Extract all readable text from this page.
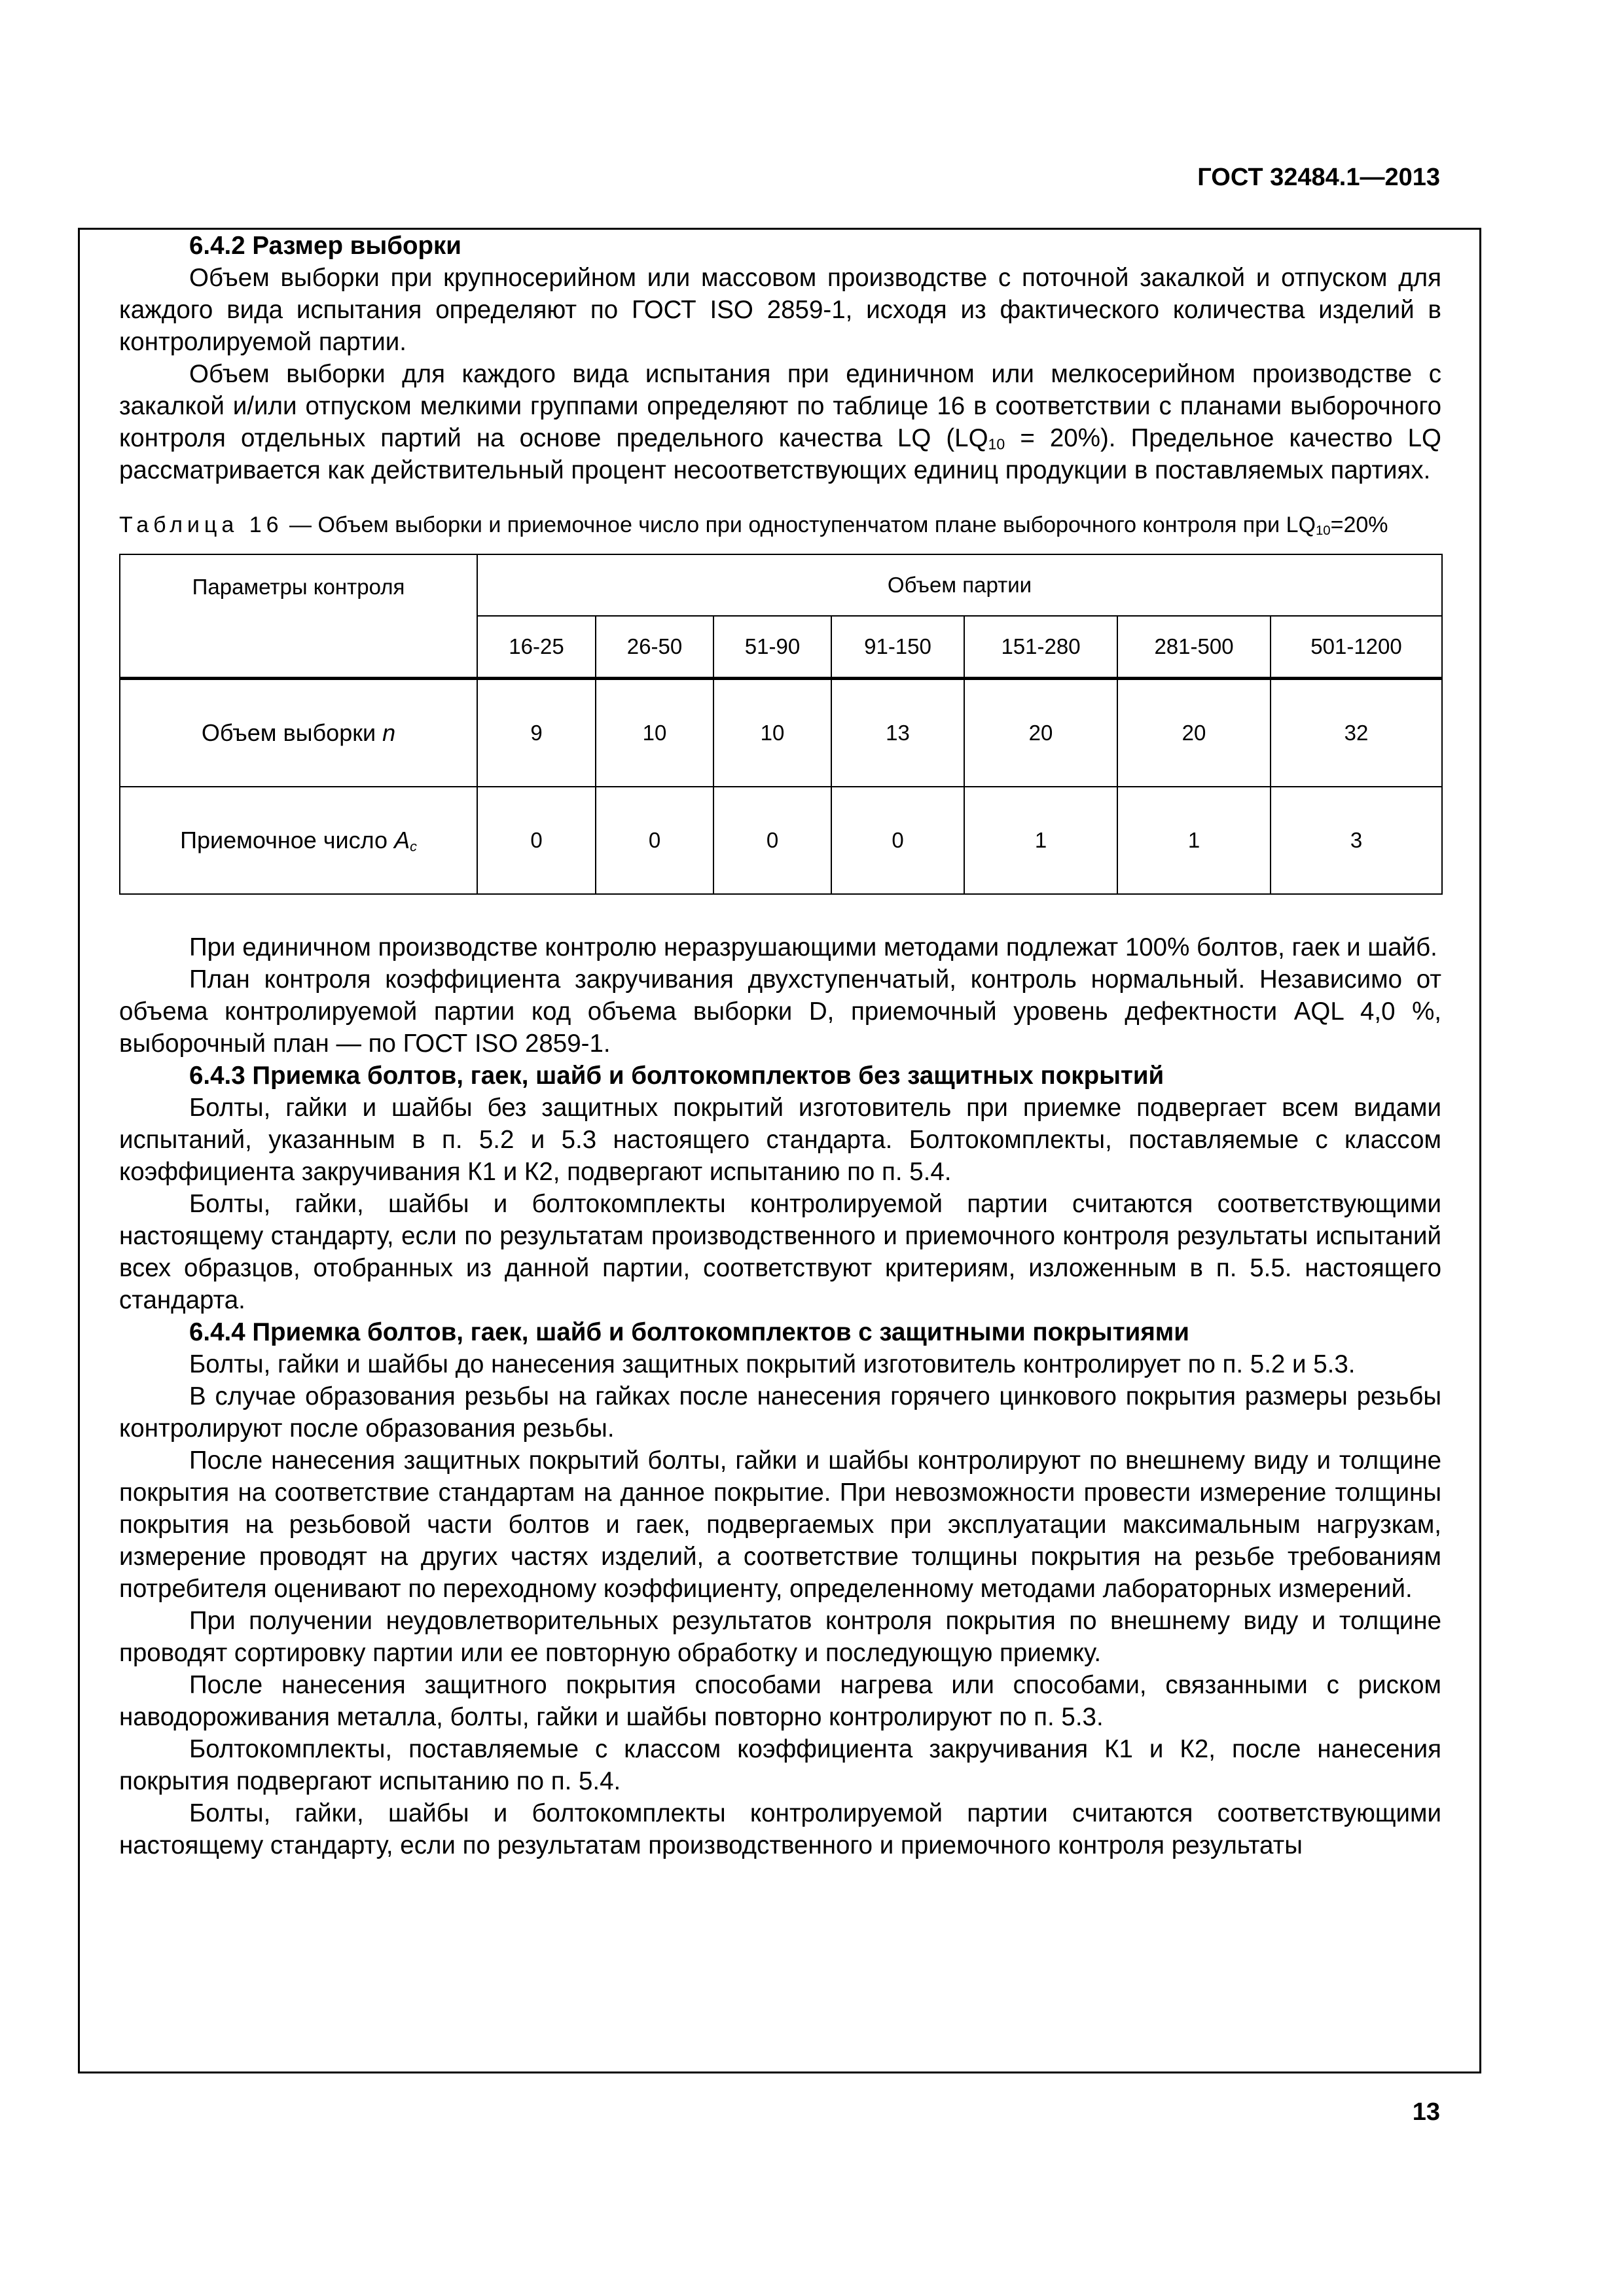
ГОСТ 32484.1—2013

6.4.2 Размер выборки

Объем выборки при крупносерийном или массовом производстве с поточной закалкой и отпуском для каждого вида испытания определяют по ГОСТ ISO 2859-1, исходя из фактического количества изделий в контролируемой партии.

Объем выборки для каждого вида испытания при единичном или мелкосерийном производстве с закалкой и/или отпуском мелкими группами определяют по таблице 16 в соответствии с планами выборочного контроля отдельных партий на основе предельного качества LQ $(LQ_{10} = 20\%)$. Предельное качество LQ рассматривается как действительный процент несоответствующих единиц продукции в поставляемых партиях.

Таблица 16 — Объем выборки и приемочное число при одноступенчатом плане выборочного контроля при $LQ_{10}=20\%$

Параметры контроля	Объем партии						
	16-25	26-50	51-90	91-150	151-280	281-500	501-1200
Объем выборки n	9	10	10	13	20	20	32
Приемочное число $A_c$	0	0	0	0	1	1	3

При единичном производстве контролю неразрушающими методами подлежат 100% болтов, гаек и шайб.

План контроля коэффициента закручивания двухступенчатый, контроль нормальный. Независимо от объема контролируемой партии код объема выборки D, приемочный уровень дефектности AQL 4,0 %, выборочный план — по ГОСТ ISO 2859-1.

6.4.3 Приемка болтов, гаек, шайб и болтокомплектов без защитных покрытий

Болты, гайки и шайбы без защитных покрытий изготовитель при приемке подвергает всем видами испытаний, указанным в п. 5.2 и 5.3 настоящего стандарта. Болтокомплекты, поставляемые с классом коэффициента закручивания К1 и К2, подвергают испытанию по п. 5.4.

Болты, гайки, шайбы и болтокомплекты контролируемой партии считаются соответствующими настоящему стандарту, если по результатам производственного и приемочного контроля результаты испытаний всех образцов, отобранных из данной партии, соответствуют критериям, изложенным в п. 5.5. настоящего стандарта.

6.4.4 Приемка болтов, гаек, шайб и болтокомплектов с защитными покрытиями

Болты, гайки и шайбы до нанесения защитных покрытий изготовитель контролирует по п. 5.2 и 5.3.

В случае образования резьбы на гайках после нанесения горячего цинкового покрытия размеры резьбы контролируют после образования резьбы.

После нанесения защитных покрытий болты, гайки и шайбы контролируют по внешнему виду и толщине покрытия на соответствие стандартам на данное покрытие. При невозможности провести измерение толщины покрытия на резьбовой части болтов и гаек, подвергаемых при эксплуатации максимальным нагрузкам, измерение проводят на других частях изделий, а соответствие толщины покрытия на резьбе требованиям потребителя оценивают по переходному коэффициенту, определенному методами лабораторных измерений.

При получении неудовлетворительных результатов контроля покрытия по внешнему виду и толщине проводят сортировку партии или ее повторную обработку и последующую приемку.

После нанесения защитного покрытия способами нагрева или способами, связанными с риском наводороживания металла, болты, гайки и шайбы повторно контролируют по п. 5.3.

Болтокомплекты, поставляемые с классом коэффициента закручивания К1 и К2, после нанесения покрытия подвергают испытанию по п. 5.4.

Болты, гайки, шайбы и болтокомплекты контролируемой партии считаются соответствующими настоящему стандарту, если по результатам производственного и приемочного контроля результаты

13
